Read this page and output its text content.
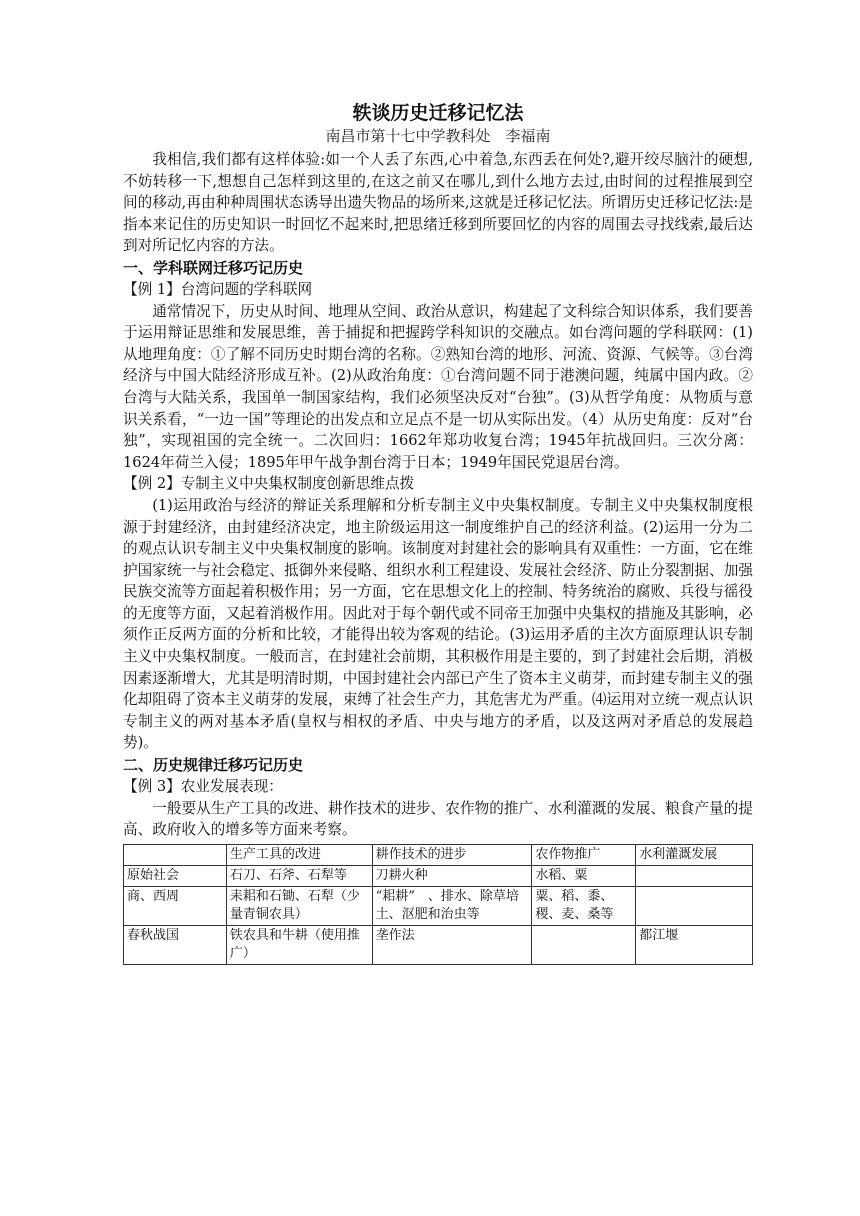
轶谈历史迁移记忆法
南昌市第十七中学教科处　李福南

我相信,我们都有这样体验:如一个人丢了东西,心中着急,东西丢在何处?,避开绞尽脑汁的硬想,不妨转移一下,想想自己怎样到这里的,在这之前又在哪儿,到什么地方去过,由时间的过程推展到空间的移动,再由种种周围状态诱导出遗失物品的场所来,这就是迁移记忆法。所谓历史迁移记忆法:是指本来记住的历史知识一时回忆不起来时,把思绪迁移到所要回忆的内容的周围去寻找线索,最后达到对所记忆内容的方法。

一、学科联网迁移巧记历史

【例 1】台湾问题的学科联网

通常情况下，历史从时间、地理从空间、政治从意识，构建起了文科综合知识体系，我们要善于运用辩证思维和发展思维，善于捕捉和把握跨学科知识的交融点。如台湾问题的学科联网：(1)从地理角度：①了解不同历史时期台湾的名称。②熟知台湾的地形、河流、资源、气候等。③台湾经济与中国大陆经济形成互补。(2)从政治角度：①台湾问题不同于港澳问题，纯属中国内政。②台湾与大陆关系，我国单一制国家结构，我们必须坚决反对“台独”。(3)从哲学角度：从物质与意识关系看，“一边一国”等理论的出发点和立足点不是一切从实际出发。（4）从历史角度：反对“台独”，实现祖国的完全统一。二次回归：1662年郑功收复台湾；1945年抗战回归。三次分离：1624年荷兰入侵；1895年甲午战争割台湾于日本；1949年国民党退居台湾。

【例 2】专制主义中央集权制度创新思维点拨

(1)运用政治与经济的辩证关系理解和分析专制主义中央集权制度。专制主义中央集权制度根源于封建经济，由封建经济决定，地主阶级运用这一制度维护自己的经济利益。(2)运用一分为二的观点认识专制主义中央集权制度的影响。该制度对封建社会的影响具有双重性：一方面，它在维护国家统一与社会稳定、抵御外来侵略、组织水利工程建设、发展社会经济、防止分裂割据、加强民族交流等方面起着积极作用；另一方面，它在思想文化上的控制、特务统治的腐败、兵役与徭役的无度等方面，又起着消极作用。因此对于每个朝代或不同帝王加强中央集权的措施及其影响，必须作正反两方面的分析和比较，才能得出较为客观的结论。(3)运用矛盾的主次方面原理认识专制主义中央集权制度。一般而言，在封建社会前期，其积极作用是主要的，到了封建社会后期，消极因素逐渐增大，尤其是明清时期，中国封建社会内部已产生了资本主义萌芽，而封建专制主义的强化却阻碍了资本主义萌芽的发展，束缚了社会生产力，其危害尤为严重。⑷运用对立统一观点认识专制主义的两对基本矛盾(皇权与相权的矛盾、中央与地方的矛盾，以及这两对矛盾总的发展趋势)。

二、历史规律迁移巧记历史

【例 3】农业发展表现：

一般要从生产工具的改进、耕作技术的进步、农作物的推广、水利灌溉的发展、粮食产量的提高、政府收入的增多等方面来考察。

	生产工具的改进	耕作技术的进步	农作物推广	水利灌溉发展
原始社会	石刀、石斧、石犁等	刀耕火种	水稻、粟	
商、西周	耒耜和石锄、石犁（少量青铜农具）	“耜耕”　、排水、除草培土、沤肥和治虫等	粟、稻、黍、稷、麦、桑等	
春秋战国	铁农具和牛耕（使用推广）	垄作法		都江堰
